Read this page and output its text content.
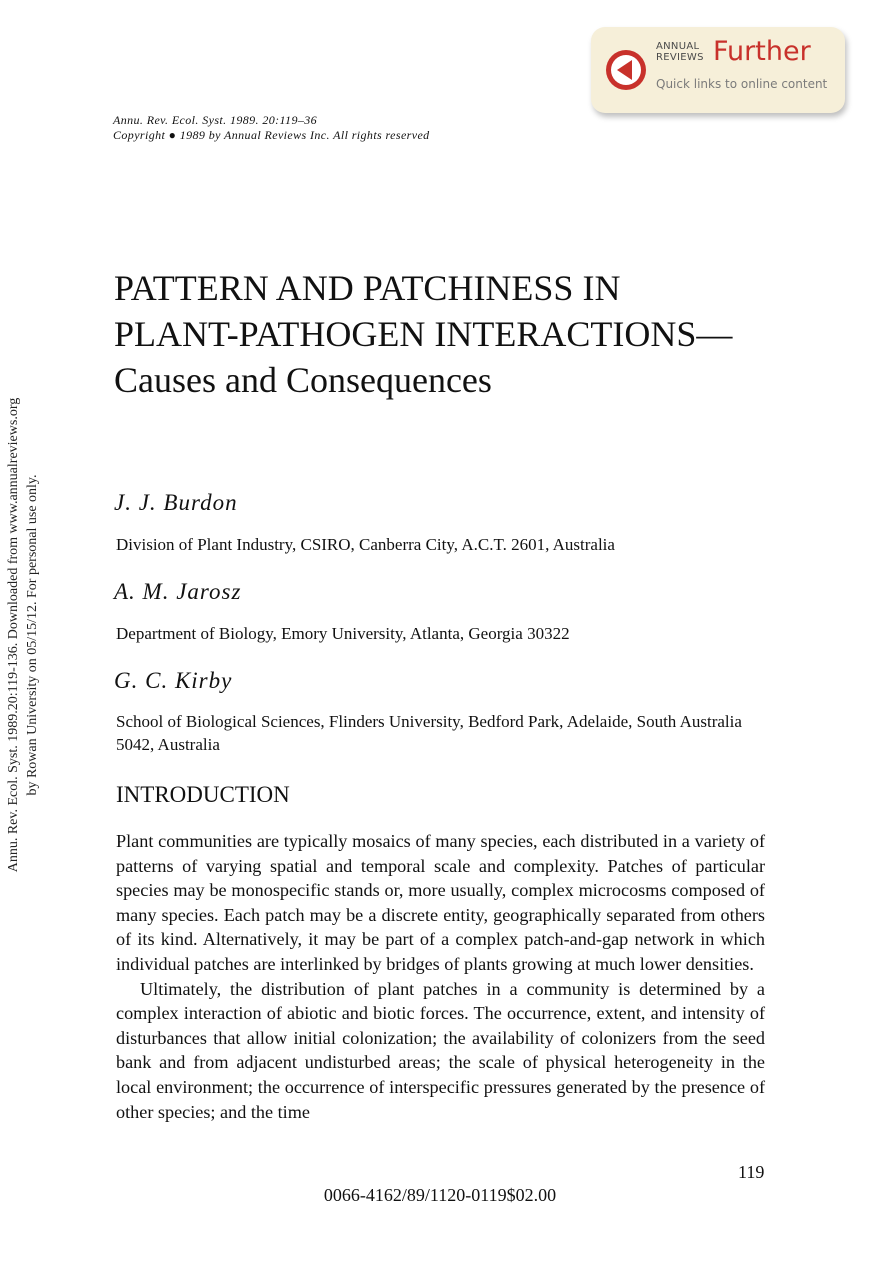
ANNUAL
REVIEWS Further
Quick links to online content
Annu. Rev. Ecol. Syst. 1989. 20:119–36
Copyright ● 1989 by Annual Reviews Inc. All rights reserved
Annu. Rev. Ecol. Syst. 1989.20:119-136. Downloaded from www.annualreviews.org by Rowan University on 05/15/12. For personal use only.
PATTERN AND PATCHINESS IN PLANT-PATHOGEN INTERACTIONS—Causes and Consequences
J. J. Burdon
Division of Plant Industry, CSIRO, Canberra City, A.C.T. 2601, Australia
A. M. Jarosz
Department of Biology, Emory University, Atlanta, Georgia 30322
G. C. Kirby
School of Biological Sciences, Flinders University, Bedford Park, Adelaide, South Australia 5042, Australia
INTRODUCTION

Plant communities are typically mosaics of many species, each distributed in a variety of patterns of varying spatial and temporal scale and complexity. Patches of particular species may be monospecific stands or, more usually, complex microcosms composed of many species. Each patch may be a discrete entity, geographically separated from others of its kind. Alternatively, it may be part of a complex patch-and-gap network in which individual patches are interlinked by bridges of plants growing at much lower densities.

Ultimately, the distribution of plant patches in a community is determined by a complex interaction of abiotic and biotic forces. The occurrence, extent, and intensity of disturbances that allow initial colonization; the availability of colonizers from the seed bank and from adjacent undisturbed areas; the scale of physical heterogeneity in the local environment; the occurrence of interspecific pressures generated by the presence of other species; and the time

119
0066-4162/89/1120-0119$02.00
